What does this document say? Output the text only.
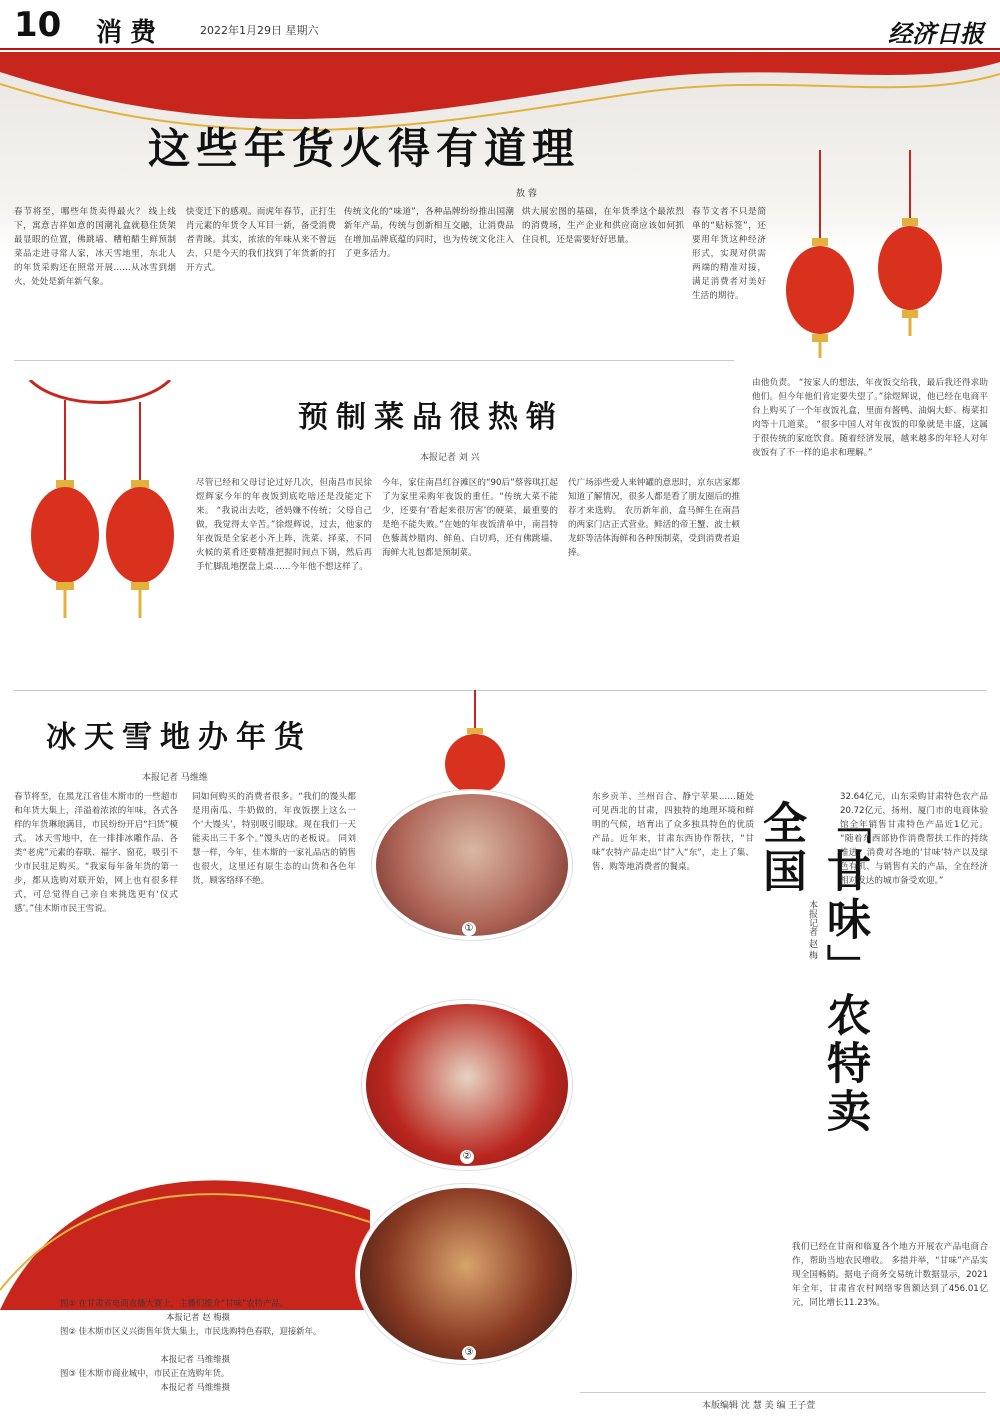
10 消费	2022年1月29日 星期六	经济日报
这些年货火得有道理
敖 蓉
春节将至，哪些年货卖得最火？ 线上线下，寓意吉祥如意的国潮礼盒就稳住货架最显眼的位置，佛跳墙、糟粕醋生鲜预制菜品走进寻常人家，冰天雪地里，东北人的年货采购还在照常开展……从冰雪到烟火，处处是新年新气象。
快变迁下的感观。而虎年春节，正打生肖元素的年货令人耳目一新，备受消费者青睐。其实，浓浓的年味从来不曾远去，只是今天的我们找到了年货新的打开方式。
传统文化的“味道”，各种品牌纷纷推出国潮新年产品，传统与创新相互交融，让消费品在增加品牌底蕴的同时，也为传统文化注入了更多活力。
烘大展宏图的基础，在年货季这个最浓烈的消费场，生产企业和供应商应该如何抓住良机，还是需要好好思量。
春节文者不只是简单的“贴标签”，还要用年货这种经济形式，实现对供需两端的精准对接，满足消费者对美好生活的期待。
预制菜品很热销
本报记者 刘 兴
尽管已经和父母讨论过好几次，但南昌市民徐煜辉家今年的年夜饭到底吃啥还是没能定下来。 “我说出去吃，爸妈嫌不传统；父母自己做，我觉得太辛苦。”徐煜辉说，过去，他家的年夜饭是全家老小齐上阵，洗菜、择菜，不同火候的菜肴还要精准把握时间点下锅，然后再手忙脚乱地摆盘上桌……今年他不想这样了。
今年，家住南昌红谷滩区的“90后”蔡蓉琪扛起了为家里采购年夜饭的重任。“传统大菜不能少，还要有‘看起来很厉害’的硬菜，最重要的是绝不能失败。”在她的年夜饭清单中，南昌特色藜蒿炒腊肉、鲜鱼、白切鸡，还有佛跳墙、海鲜大礼包都是预制菜。
代广场添些爱人来钟罐的意思时，京东店家都知道了解情况，很多人都是看了朋友圈后的推荐才来选购。 农历新年前，盒马鲜生在南昌的两家门店正式营业。鲜活的帝王蟹、波士顿龙虾等活体海鲜和各种预制菜，受到消费者追捧。
由他负责。 “按家人的想法，年夜饭交给我，最后我还得求助他们。但今年他们肯定要失望了。”徐煜辉说，他已经在电商平台上购买了一个年夜饭礼盒，里面有酱鸭、油焖大虾、梅菜扣肉等十几道菜。 “很多中国人对年夜饭的印象就是丰盛，这属于很传统的家庭饮食。随着经济发展，越来越多的年轻人对年夜饭有了不一样的追求和理解。”
冰天雪地办年货
本报记者 马维维
春节将至，在黑龙江省佳木斯市的一些超市和年货大集上，洋溢着浓浓的年味，各式各样的年货琳琅满目，市民纷纷开启“扫货”模式。 冰天雪地中，在一排排冰雕作品、各类“老虎”元素的春联、福字、窗花，吸引不少市民驻足购买。“我家每年备年货的第一步，都从选购对联开始，网上也有很多样式，可总觉得自己亲自来挑选更有‘仪式感’。”佳木斯市民王雪说。
同如何购买的消费者很多。“我们的馒头都是用南瓜、牛奶做的，年夜饭摆上这么一个‘大馒头’，特别吸引眼球。现在我们一天能卖出三千多个。”馒头店的老板说。 同刘慧一样，今年，佳木斯的一家礼品店的销售也很火，这里还有原生态的山货和各色年货，顾客络绎不绝。
①
②
③
图① 在甘肃省电商直播大赛上，主播们推介“甘味”农特产品。
本报记者 赵 梅摄
图② 佳木斯市区义兴街售年货大集上，市民选购特色春联，迎接新年。
本报记者 马维维摄
图③ 佳木斯市商业城中，市民正在选购年货。
本报记者 马维维摄
东乡贡羊、兰州百合、静宁苹果……随处可见西北的甘肃，四独特的地理环境和鲜明的气候，培育出了众多独具特色的优质产品。近年来，甘肃东西协作帮扶，“甘味”农特产品走出“甘”入“东”，走上了集、售、购等地消费者的餐桌。	「甘味」农特卖全国
本报记者 赵 梅
32.64亿元，山东采购甘肃特色农产品20.72亿元，扬州、厦门市的电商体验馆全年销售甘肃特色产品近1亿元。 “随着东西部协作消费帮扶工作的持续推进，消费对各地的‘甘味’特产以及绿色有机、与销售有关的产品，全在经济相对发达的城市备受欢迎。”
我们已经在甘南和临夏各个地方开展农产品电商合作，帮助当地农民增收。 多措并举，“甘味”产品实现全国畅销。据电子商务交易统计数据显示，2021年全年，甘肃省农村网络零售额达到了456.01亿元，同比增长11.23%。
本版编辑 沈 慧 美 编 王子萱
